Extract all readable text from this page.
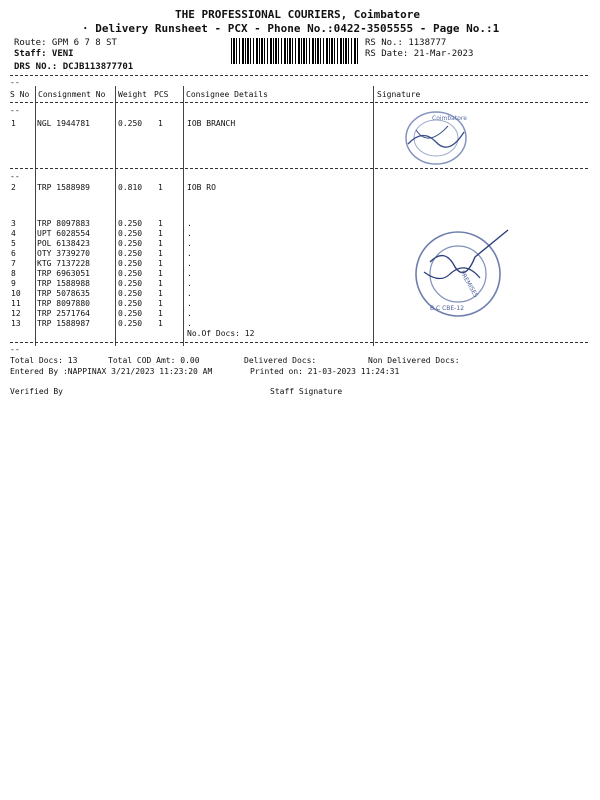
THE PROFESSIONAL COURIERS, Coimbatore
· Delivery Runsheet - PCX - Phone No.:0422-3505555 - Page No.:1
Route: GPM 6 7 8 ST
Staff: VENI
DRS NO.: DCJB113877701
RS No.: 1138777
RS Date: 21-Mar-2023
--
S No Consignment No Weight PCS Consignee Details	Signature
--
1	NGL 1944781	0.250 1	IOB BRANCH
--
2	TRP 1588989	0.810 1	IOB RO
3	TRP 8097883	0.250 1	.
4	UPT 6028554	0.250 1	.
5	POL 6138423	0.250 1	.
6	OTY 3739270	0.250 1	.
7	KTG 7137228	0.250 1	.
8	TRP 6963051	0.250 1	.
9	TRP 1588988	0.250 1	.
10 TRP 5078635	0.250 1	.
11 TRP 8097880	0.250 1	.
12 TRP 2571764	0.250 1	.
13 TRP 1588987	0.250 1	.
No.Of Docs: 12
--
Total Docs: 13	Total COD Amt: 0.00	Delivered Docs:	Non Delivered Docs:
Entered By :NAPPINAX 3/21/2023 11:23:20 AM	Printed on: 21-03-2023 11:24:31
Verified By	Staff Signature
Coimbatore
PREMISES
B.C CBE-12
